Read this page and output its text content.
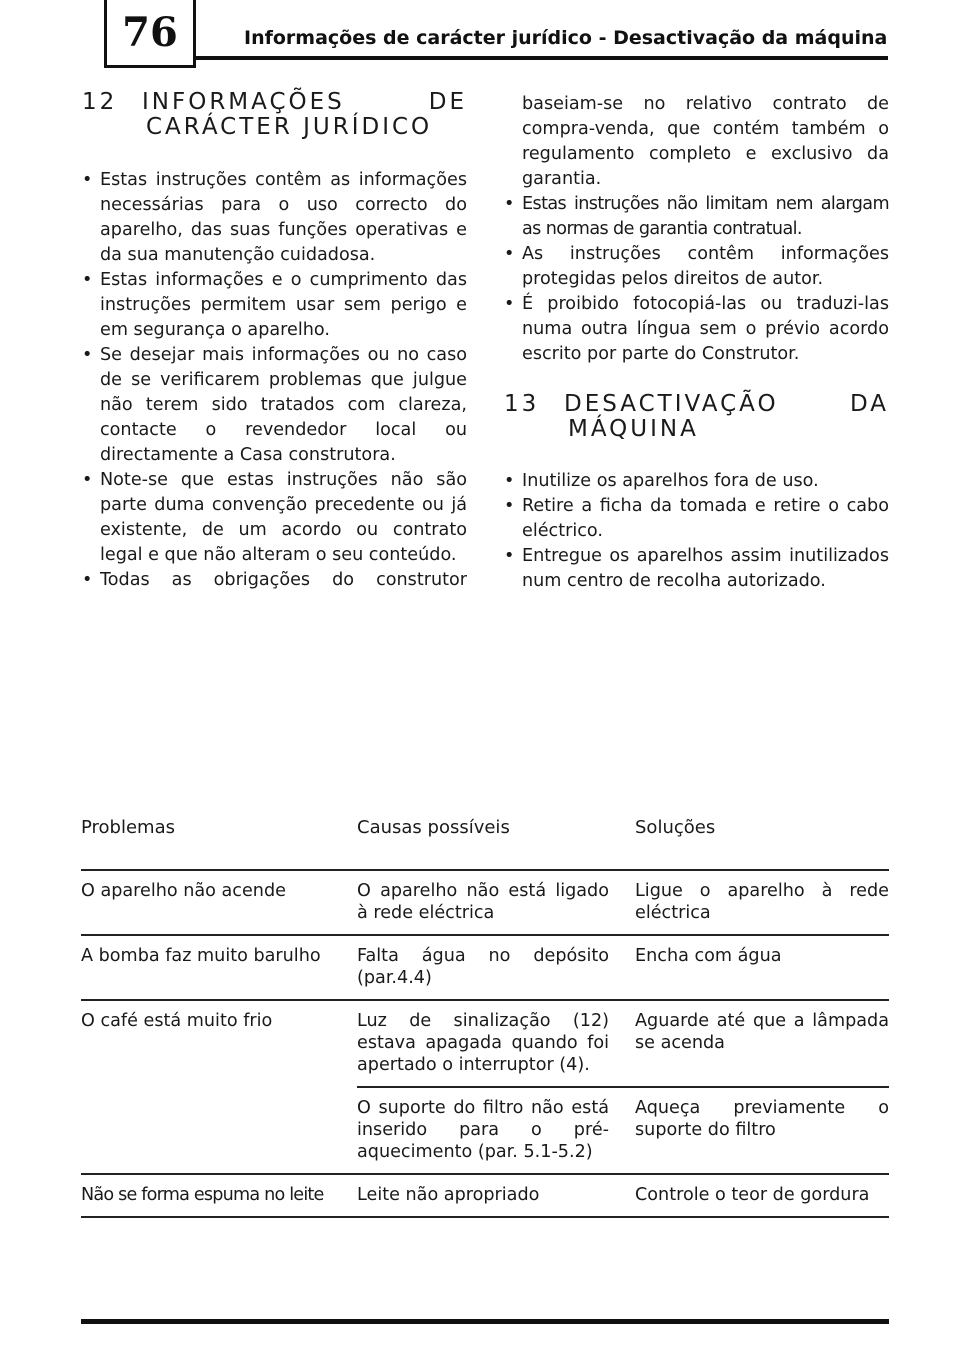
76	Informações de carácter jurídico - Desactivação da máquina
12	INFORMAÇÕES DE
CARÁCTER JURÍDICO
• Estas instruções contêm as informações necessárias para o uso correcto do aparelho, das suas funções operativas e da sua manutenção cuidadosa.
• Estas informações e o cumprimento das instruções permitem usar sem perigo e em segurança o aparelho.
• Se desejar mais informações ou no caso de se verificarem problemas que julgue não terem sido tratados com clareza, contacte o revendedor local ou directamente a Casa construtora.
• Note-se que estas instruções não são parte duma convenção precedente ou já existente, de um acordo ou contrato legal e que não alteram o seu conteúdo.
• Todas as obrigações do construtor
baseiam-se no relativo contrato de compra-venda, que contém também o regulamento completo e exclusivo da garantia.
• Estas instruções não limitam nem alargam as normas de garantia contratual.
• As instruções contêm informações protegidas pelos direitos de autor.
• É proibido fotocopiá-las ou traduzi-las numa outra língua sem o prévio acordo escrito por parte do Construtor.
13	DESACTIVAÇÃO DA
MÁQUINA
• Inutilize os aparelhos fora de uso.
• Retire a ficha da tomada e retire o cabo eléctrico.
• Entregue os aparelhos assim inutilizados num centro de recolha autorizado.
Problemas	Causas possíveis	Soluções
O aparelho não acende	O aparelho não está ligado à rede eléctrica	Ligue o aparelho à rede eléctrica

A bomba faz muito barulho	Falta água no depósito (par.4.4)	Encha com água

O café está muito frio	Luz de sinalização (12) estava apagada quando foi apertado o interruptor (4).	Aguarde até que a lâmpada se acenda

	O suporte do filtro não está inserido para o pré-aquecimento (par. 5.1-5.2)	Aqueça previamente o suporte do filtro

Não se forma espuma no leite	Leite não apropriado	Controle o teor de gordura
